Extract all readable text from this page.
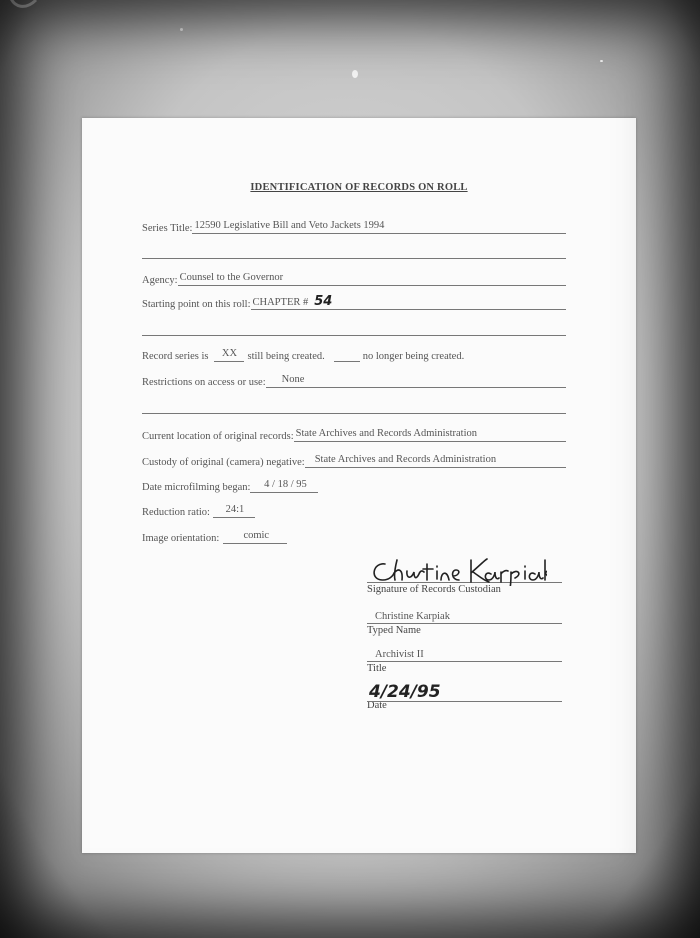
IDENTIFICATION OF RECORDS ON ROLL
Series Title: 12590 Legislative Bill and Veto Jackets 1994
Agency: Counsel to the Governor
Starting point on this roll: CHAPTER # 54
Record series is	XX still being created.	no longer being created.
Restrictions on access or use:	None
Current location of original records: State Archives and Records Administration
Custody of original (camera) negative: State Archives and Records Administration
Date microfilming began:	4 / 18 / 95
Reduction ratio:	24:1
Image orientation:	comic
Signature of Records Custodian
Christine Karpiak
Typed Name
Archivist II
Title
4/24/95
Date
